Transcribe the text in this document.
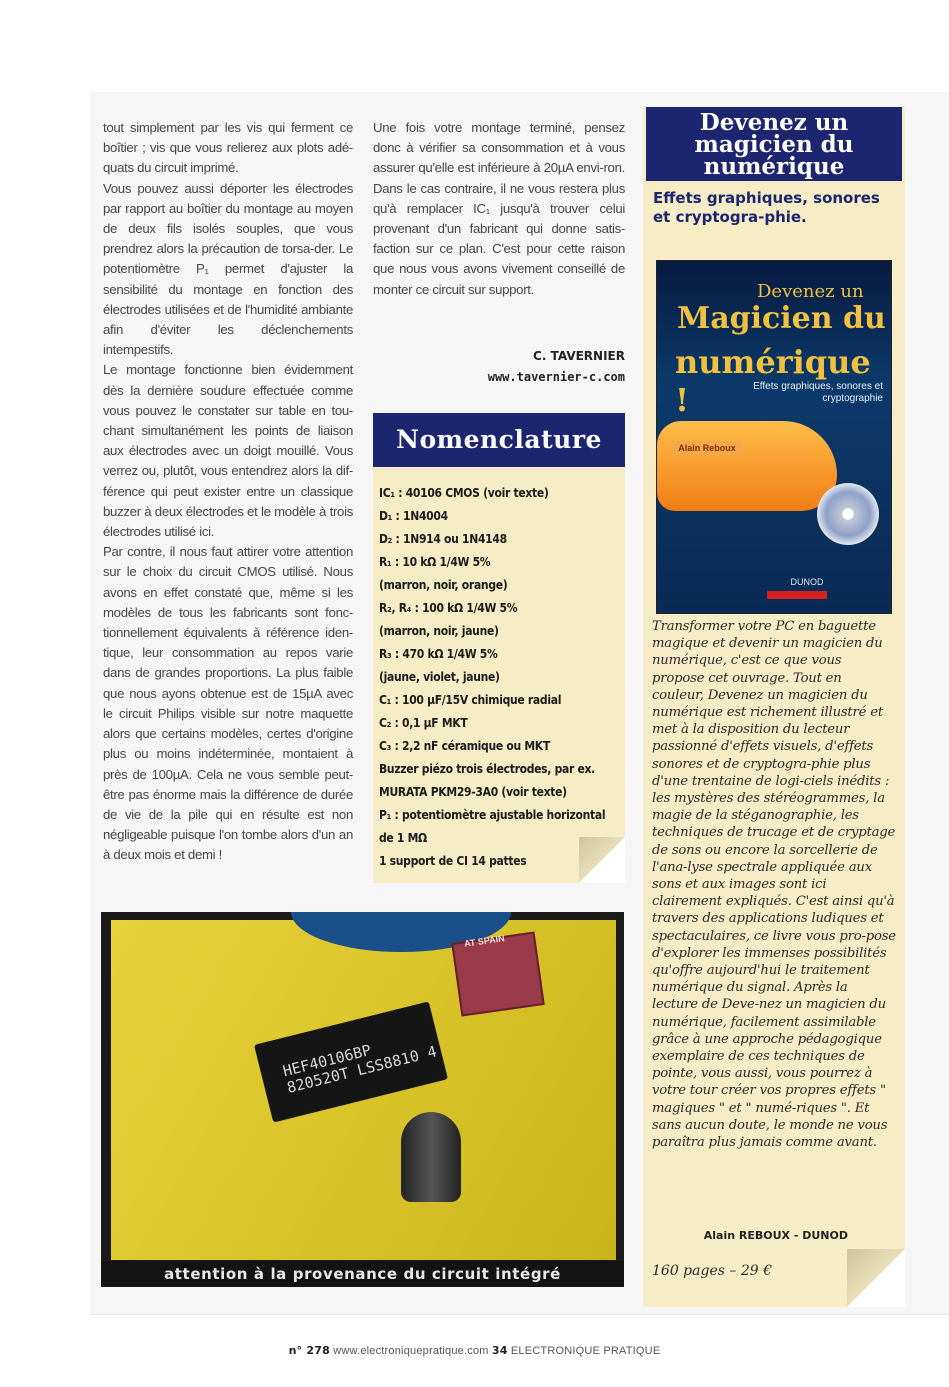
tout simplement par les vis qui ferment ce boîtier ; vis que vous relierez aux plots adé-quats du circuit imprimé.

Vous pouvez aussi déporter les électrodes par rapport au boîtier du montage au moyen de deux fils isolés souples, que vous prendrez alors la précaution de torsa-der. Le potentiomètre P₁ permet d'ajuster la sensibilité du montage en fonction des électrodes utilisées et de l'humidité ambiante afin d'éviter les déclenchements intempestifs.

Le montage fonctionne bien évidemment dès la dernière soudure effectuée comme vous pouvez le constater sur table en tou-chant simultanément les points de liaison aux électrodes avec un doigt mouillé. Vous verrez ou, plutôt, vous entendrez alors la dif-férence qui peut exister entre un classique buzzer à deux électrodes et le modèle à trois électrodes utilisé ici.

Par contre, il nous faut attirer votre attention sur le choix du circuit CMOS utilisé. Nous avons en effet constaté que, même si les modèles de tous les fabricants sont fonc-tionnellement équivalents à référence iden-tique, leur consommation au repos varie dans de grandes proportions. La plus faible que nous ayons obtenue est de 15µA avec le circuit Philips visible sur notre maquette alors que certains modèles, certes d'origine plus ou moins indéterminée, montaient à près de 100µA. Cela ne vous semble peut-être pas énorme mais la différence de durée de vie de la pile qui en résulte est non négligeable puisque l'on tombe alors d'un an à deux mois et demi !

Une fois votre montage terminé, pensez donc à vérifier sa consommation et à vous assurer qu'elle est inférieure à 20µA envi-ron. Dans le cas contraire, il ne vous restera plus qu'à remplacer IC₁ jusqu'à trouver celui provenant d'un fabricant qui donne satis-faction sur ce plan. C'est pour cette raison que nous vous avons vivement conseillé de monter ce circuit sur support.

C. TAVERNIER
www.tavernier-c.com
Nomenclature
IC₁ : 40106 CMOS (voir texte)
D₁ : 1N4004
D₂ : 1N914 ou 1N4148
R₁ : 10 kΩ 1/4W 5%
(marron, noir, orange)
R₂, R₄ : 100 kΩ 1/4W 5%
(marron, noir, jaune)
R₃ : 470 kΩ 1/4W 5%
(jaune, violet, jaune)
C₁ : 100 µF/15V chimique radial
C₂ : 0,1 µF MKT
C₃ : 2,2 nF céramique ou MKT
Buzzer piézo trois électrodes, par ex.
MURATA PKM29-3A0 (voir texte)
P₁ : potentiomètre ajustable horizontal
de 1 MΩ
1 support de CI 14 pattes
Devenez un
magicien du
numérique
Effets graphiques, sonores et cryptogra-phie.
Devenez un
Magicien du
numérique !	Effets graphiques, sonores et cryptographie
Alain Reboux
DUNOD
Transformer votre PC en baguette magique et devenir un magicien du numérique, c'est ce que vous propose cet ouvrage. Tout en couleur, Devenez un magicien du numérique est richement illustré et met à la disposition du lecteur passionné d'effets visuels, d'effets sonores et de cryptogra-phie plus d'une trentaine de logi-ciels inédits : les mystères des stéréogrammes, la magie de la stéganographie, les techniques de trucage et de cryptage de sons ou encore la sorcellerie de l'ana-lyse spectrale appliquée aux sons et aux images sont ici clairement expliqués. C'est ainsi qu'à travers des applications ludiques et spectaculaires, ce livre vous pro-pose d'explorer les immenses possibilités qu'offre aujourd'hui le traitement numérique du signal. Après la lecture de Deve-nez un magicien du numérique, facilement assimilable grâce à une approche pédagogique exemplaire de ces techniques de pointe, vous aussi, vous pourrez à votre tour créer vos propres effets " magiques " et " numé-riques ". Et sans aucun doute, le monde ne vous paraîtra plus jamais comme avant.
Alain REBOUX - DUNOD
160 pages – 29 €
AT SPAIN
HEF40106BP 820520T LSS8810 4
attention à la provenance du circuit intégré
n° 278 www.electroniquepratique.com 34 ELECTRONIQUE PRATIQUE
